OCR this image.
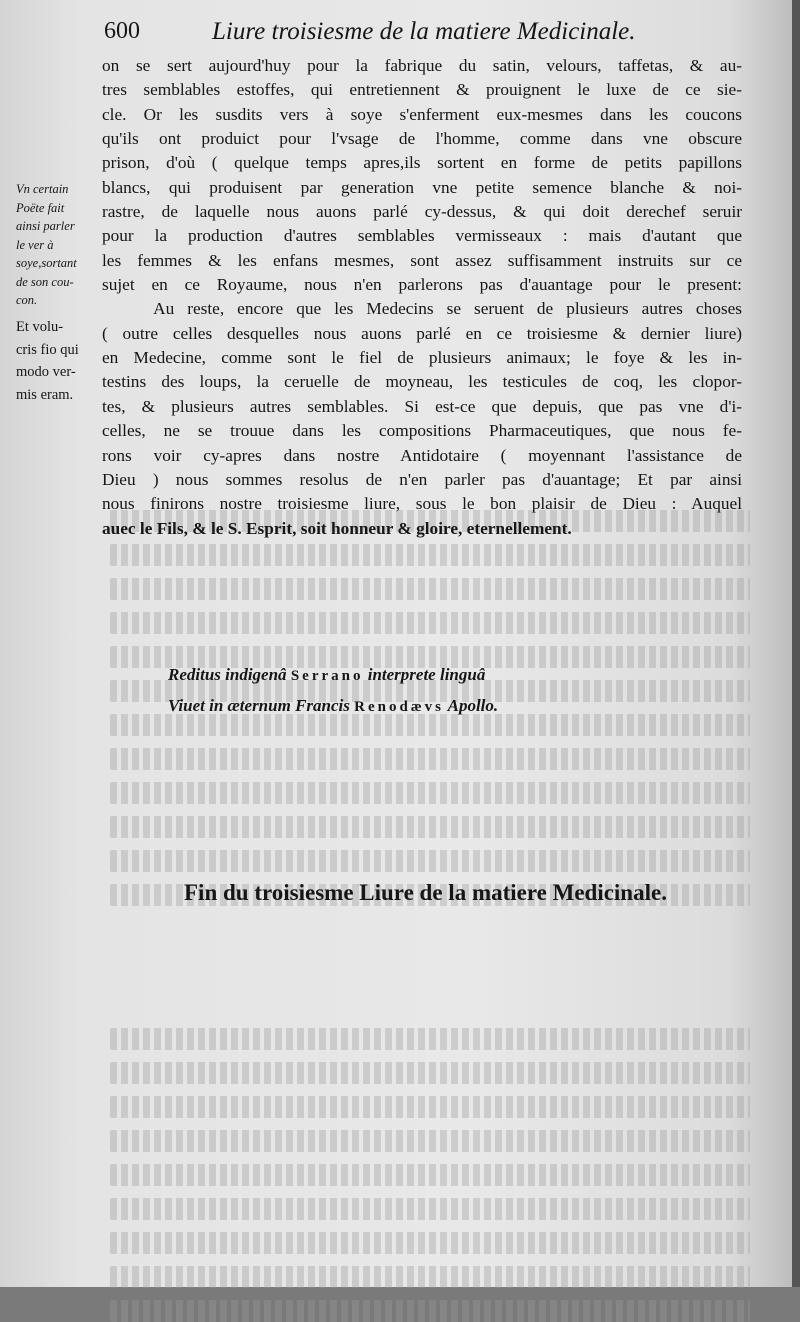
600	Liure troisiesme de la matiere Medicinale.
Vn certain
Poëte fait
ainsi parler
le ver à
soye,sortant
de son cou-
con.
Et volu-
cris fio qui
modo ver-
mis eram.
on se sert aujourd'huy pour la fabrique du satin, velours, taffetas, & au-
tres semblables estoffes, qui entretiennent & prouignent le luxe de ce sie-
cle. Or les susdits vers à soye s'enferment eux-mesmes dans les coucons
qu'ils ont produict pour l'vsage de l'homme, comme dans vne obscure
prison, d'où ( quelque temps apres,ils sortent en forme de petits papillons
blancs, qui produisent par generation vne petite semence blanche & noi-
rastre, de laquelle nous auons parlé cy-dessus, & qui doit derechef seruir
pour la production d'autres semblables vermisseaux : mais d'autant que
les femmes & les enfans mesmes, sont assez suffisamment instruits sur ce
sujet en ce Royaume, nous n'en parlerons pas d'auantage pour le present:
Au reste, encore que les Medecins se seruent de plusieurs autres choses
( outre celles desquelles nous auons parlé en ce troisiesme & dernier liure)
en Medecine, comme sont le fiel de plusieurs animaux; le foye & les in-
testins des loups, la ceruelle de moyneau, les testicules de coq, les clopor-
tes, & plusieurs autres semblables. Si est-ce que depuis, que pas vne d'i-
celles, ne se trouue dans les compositions Pharmaceutiques, que nous fe-
rons voir cy-apres dans nostre Antidotaire ( moyennant l'assistance de
Dieu ) nous sommes resolus de n'en parler pas d'auantage; Et par ainsi
nous finirons nostre troisiesme liure, sous le bon plaisir de Dieu : Auquel
auec le Fils, & le S. Esprit, soit honneur & gloire, eternellement.
Reditus indigenâ Serrano interprete linguâ
Viuet in æternum Francis Renodævs Apollo.
Fin du troisiesme Liure de la matiere Medicinale.
